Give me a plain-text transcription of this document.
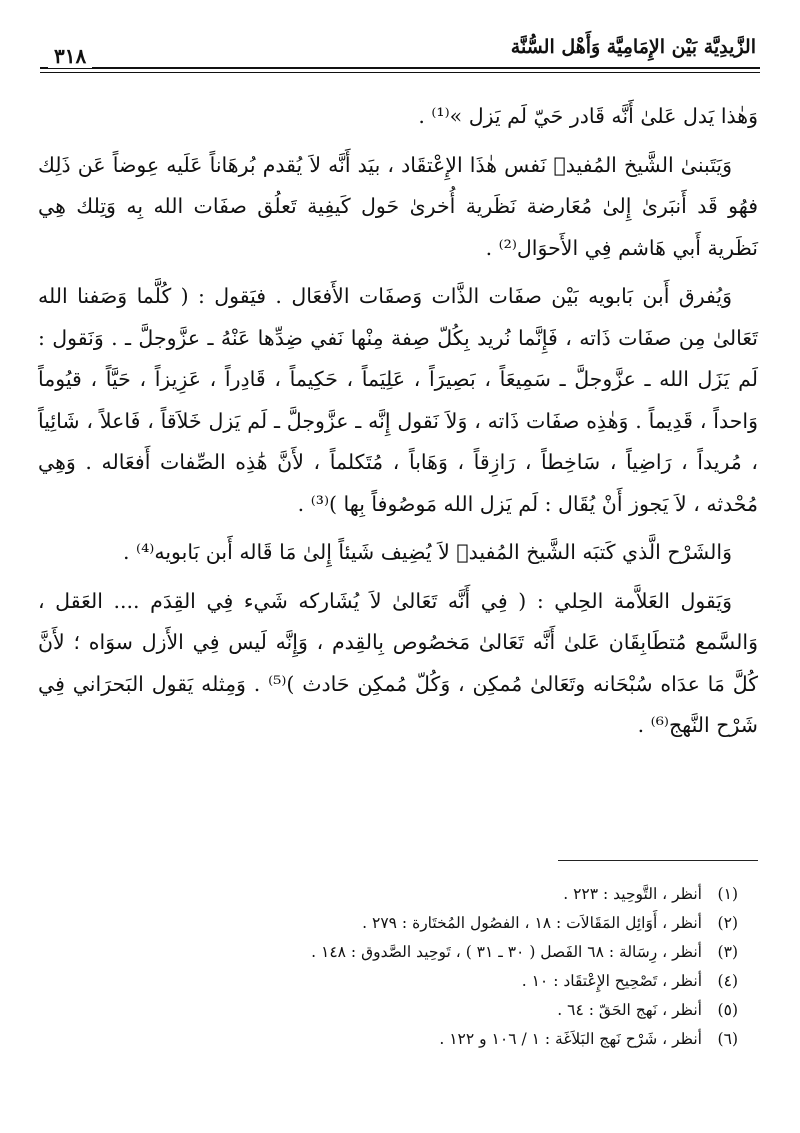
الزَّيدِيَّة بَيْن الإِمَامِيَّة وَأَهْل السُّنَّة
٣١٨

وَهٰذا يَدل عَلىٰ أَنَّه قَادر حَيّ لَم يَزل »⁽¹⁾ .

وَيَتَبنىٰ الشَّيخ المُفيد﷫ نَفس هٰذَا الإِعْتقَاد ، بيَد أَنَّه لاَ يُقدم بُرهَاناً عَلَيه عِوضاً عَن ذَلِك فهُو قَد أَنبَرىٰ إِلىٰ مُعَارضة نَظَرية أُخرىٰ حَول كَيفِية تَعلُق صفَات الله بِه وَتِلك هِي نَظَرية أَبي هَاشم فِي الأَحوَال⁽²⁾ .

وَيُفرق أَبن بَابويه بَيْن صفَات الذَّات وَصفَات الأَفعَال . فيَقول : ( كُلَّما وَصَفنا الله تَعَالىٰ مِن صفَات ذَاته ، فَإِنَّما نُريد بِكُلّ صِفة مِنْها نَفي ضِدِّها عَنْهُ ـ عزَّوجلَّ ـ . وَنَقول : لَم يَزَل الله ـ عزَّوجلَّ ـ سَمِيعَاً ، بَصِيرَاً ، عَلِيَماً ، حَكِيماً ، قَادِراً ، عَزِيزاً ، حَيَّاً ، قيُوماً وَاحداً ، قَدِيماً . وَهٰذِه صفَات ذَاته ، وَلاَ نَقول إِنَّه ـ عزَّوجلَّ ـ لَم يَزل خَلاَقاً ، فَاعلاً ، شَائِياً ، مُريداً ، رَاضِياً ، سَاخِطاً ، رَازِقاً ، وَهَاباً ، مُتَكلماً ، لأَنَّ هَٰذِه الصِّفات أَفعَاله . وَهِي مُحْدثه ، لاَ يَجوز أَنْ يُقَال : لَم يَزل الله مَوصُوفاً بِها )⁽³⁾ .

وَالشَرْح الَّذي كَتبَه الشَّيخ المُفيد﷫ لاَ يُضِيف شَيئاً إِلىٰ مَا قَاله أَبن بَابويه⁽⁴⁾ .

وَيَقول العَلاَّمة الحِلي : ( فِي أَنَّه تَعَالىٰ لاَ يُشَاركه شَيء فِي القِدَم .... العَقل ، وَالسَّمع مُتطَابِقَان عَلىٰ أَنَّه تَعَالىٰ مَخصُوص بِالقِدم ، وَإِنَّه لَيس فِي الأَزل سوَاه ؛ لأَنَّ كُلَّ مَا عدَاه سُبْحَانه وتَعَالىٰ مُمكِن ، وَكُلّ مُمكِن حَادث )⁽⁵⁾ . وَمِثله يَقول البَحرَاني فِي شَرْح النَّهج⁽⁶⁾ .

(١)
أنظر ، التَّوحِيد : ٢٢٣ .
(٢)
أنظر ، أَوَائِل المَقَالاَت : ١٨ ، الفصُول المُختَارة : ٢٧٩ .
(٣)
أنظر ، رِسَالة : ٦٨ الفَصل ( ٣٠ ـ ٣١ ) ، تَوحِيد الصَّدوق : ١٤٨ .
(٤)
أنظر ، تَصْحِيح الإِعْتقَاد : ١٠ .
(٥)
أنظر ، نَهج الحَقّ : ٦٤ .
(٦)
أنظر ، شَرْح نَهج البَلاَغَة : ١ / ١٠٦ و ١٢٢ .
